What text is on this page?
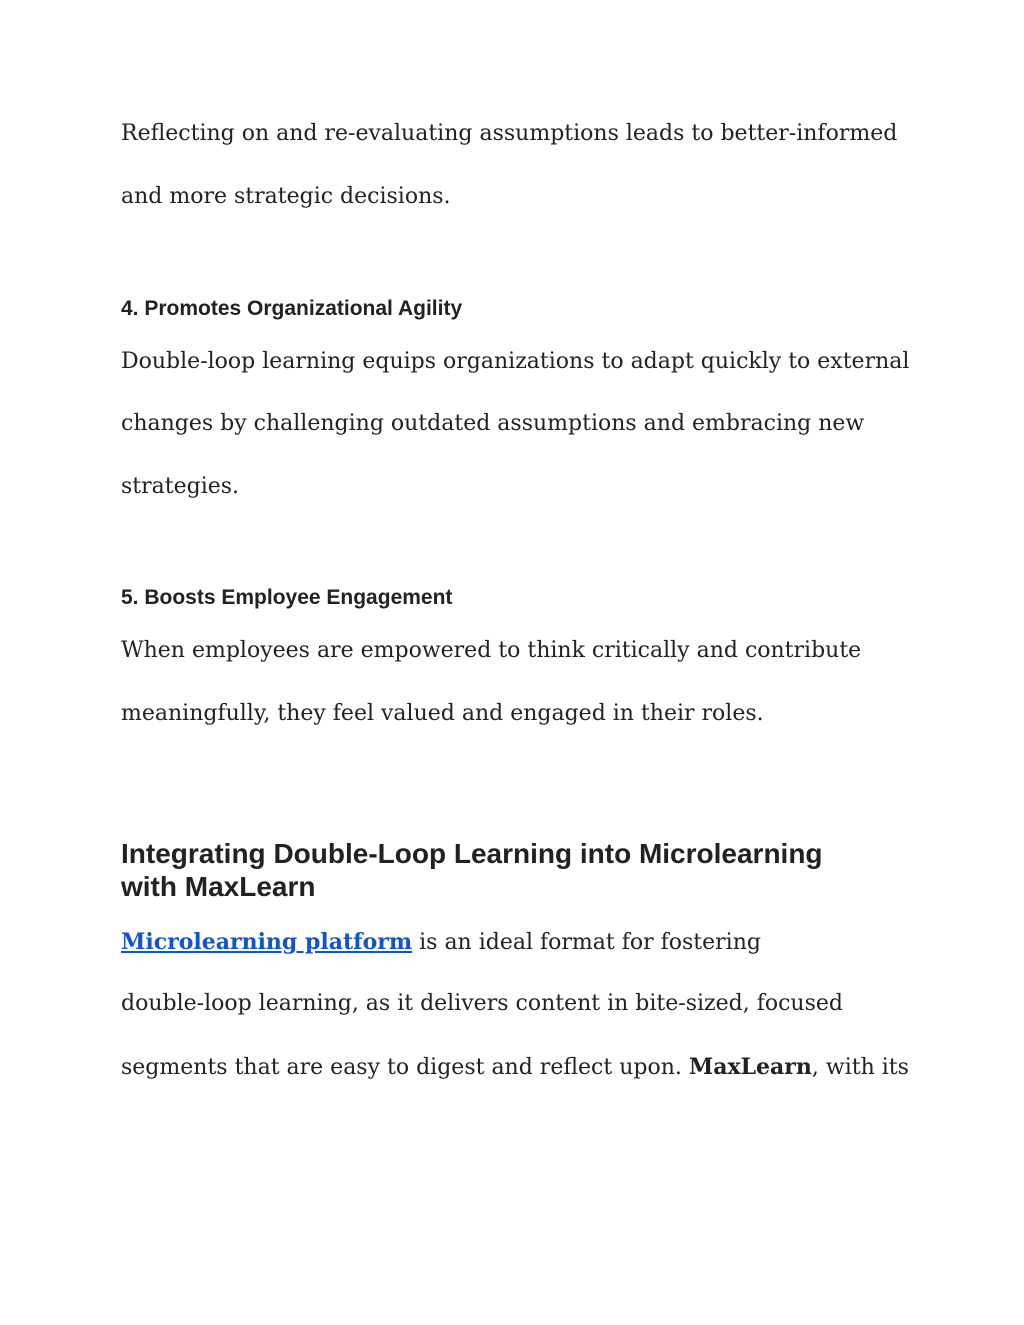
Reflecting on and re-evaluating assumptions leads to better-informed

and more strategic decisions.

4. Promotes Organizational Agility

Double-loop learning equips organizations to adapt quickly to external

changes by challenging outdated assumptions and embracing new

strategies.

5. Boosts Employee Engagement

When employees are empowered to think critically and contribute

meaningfully, they feel valued and engaged in their roles.

Integrating Double-Loop Learning into Microlearning
with MaxLearn

Microlearning platform is an ideal format for fostering

double-loop learning, as it delivers content in bite-sized, focused

segments that are easy to digest and reflect upon. MaxLearn, with its
